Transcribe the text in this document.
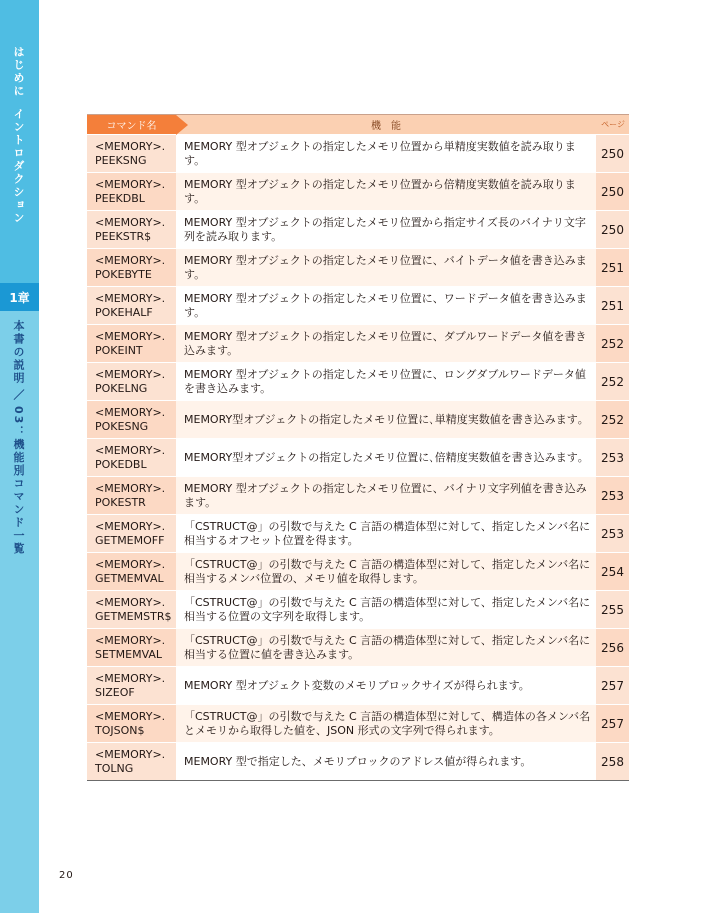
はじめにイントロダクション
1章
本書の説明／03：機能別コマンド一覧
コマンド名	機　能	ページ

<MEMORY>.
PEEKSNG	MEMORY 型オブジェクトの指定したメモリ位置から単精度実数値を読み取ります。	250

<MEMORY>.
PEEKDBL	MEMORY 型オブジェクトの指定したメモリ位置から倍精度実数値を読み取ります。	250

<MEMORY>.
PEEKSTR$	MEMORY 型オブジェクトの指定したメモリ位置から指定サイズ長のバイナリ文字列を読み取ります。	250

<MEMORY>.
POKEBYTE	MEMORY 型オブジェクトの指定したメモリ位置に、バイトデータ値を書き込みます。	251

<MEMORY>.
POKEHALF	MEMORY 型オブジェクトの指定したメモリ位置に、ワードデータ値を書き込みます。	251

<MEMORY>.
POKEINT	MEMORY 型オブジェクトの指定したメモリ位置に、ダブルワードデータ値を書き込みます。	252

<MEMORY>.
POKELNG	MEMORY 型オブジェクトの指定したメモリ位置に、ロングダブルワードデータ値を書き込みます。	252

<MEMORY>.
POKESNG	MEMORY型オブジェクトの指定したメモリ位置に､単精度実数値を書き込みます｡	252

<MEMORY>.
POKEDBL	MEMORY型オブジェクトの指定したメモリ位置に､倍精度実数値を書き込みます｡	253

<MEMORY>.
POKESTR	MEMORY 型オブジェクトの指定したメモリ位置に、バイナリ文字列値を書き込みます。	253

<MEMORY>.
GETMEMOFF	「CSTRUCT@」の引数で与えた C 言語の構造体型に対して、指定したメンバ名に相当するオフセット位置を得ます。	253

<MEMORY>.
GETMEMVAL	「CSTRUCT@」の引数で与えた C 言語の構造体型に対して、指定したメンバ名に相当するメンバ位置の、メモリ値を取得します。	254

<MEMORY>.
GETMEMSTR$	「CSTRUCT@」の引数で与えた C 言語の構造体型に対して、指定したメンバ名に相当する位置の文字列を取得します。	255

<MEMORY>.
SETMEMVAL	「CSTRUCT@」の引数で与えた C 言語の構造体型に対して、指定したメンバ名に相当する位置に値を書き込みます。	256

<MEMORY>.
SIZEOF	MEMORY 型オブジェクト変数のメモリブロックサイズが得られます。	257

<MEMORY>.
TOJSON$	「CSTRUCT@」の引数で与えた C 言語の構造体型に対して、構造体の各メンバ名とメモリから取得した値を、JSON 形式の文字列で得られます。	257

<MEMORY>.
TOLNG	MEMORY 型で指定した、メモリブロックのアドレス値が得られます。	258
20
